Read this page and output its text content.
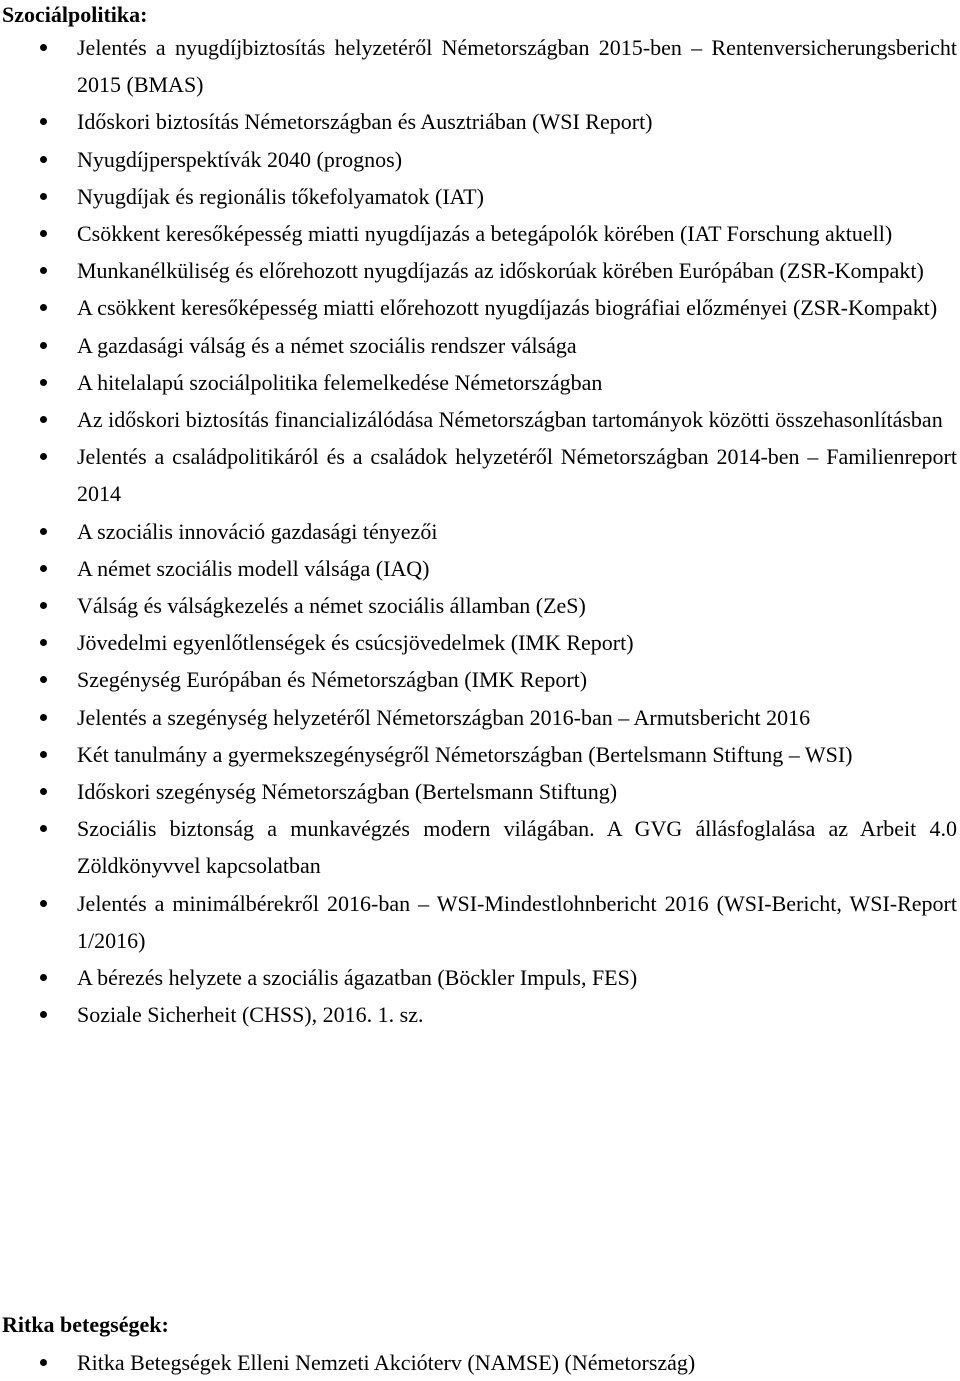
Szociálpolitika:
Jelentés a nyugdíjbiztosítás helyzetéről Németországban 2015-ben – Rentenversicherungsbericht 2015 (BMAS)
Időskori biztosítás Németországban és Ausztriában (WSI Report)
Nyugdíjperspektívák 2040 (prognos)
Nyugdíjak és regionális tőkefolyamatok (IAT)
Csökkent keresőképesség miatti nyugdíjazás a betegápolók körében (IAT Forschung aktuell)
Munkanélküliség és előrehozott nyugdíjazás az időskorúak körében Európában (ZSR-Kompakt)
A csökkent keresőképesség miatti előrehozott nyugdíjazás biográfiai előzményei (ZSR-Kompakt)
A gazdasági válság és a német szociális rendszer válsága
A hitelalapú szociálpolitika felemelkedése Németországban
Az időskori biztosítás financializálódása Németországban tartományok közötti összehasonlításban
Jelentés a családpolitikáról és a családok helyzetéről Németországban 2014-ben – Familienreport 2014
A szociális innováció gazdasági tényezői
A német szociális modell válsága (IAQ)
Válság és válságkezelés a német szociális államban (ZeS)
Jövedelmi egyenlőtlenségek és csúcsjövedelmek (IMK Report)
Szegénység Európában és Németországban (IMK Report)
Jelentés a szegénység helyzetéről Németországban 2016-ban – Armutsbericht 2016
Két tanulmány a gyermekszegénységről Németországban (Bertelsmann Stiftung – WSI)
Időskori szegénység Németországban (Bertelsmann Stiftung)
Szociális biztonság a munkavégzés modern világában. A GVG állásfoglalása az Arbeit 4.0 Zöldkönyvvel kapcsolatban
Jelentés a minimálbérekről 2016-ban – WSI-Mindestlohnbericht 2016 (WSI-Bericht, WSI-Report 1/2016)
A bérezés helyzete a szociális ágazatban (Böckler Impuls, FES)
Soziale Sicherheit (CHSS), 2016. 1. sz.
Ritka betegségek:
Ritka Betegségek Elleni Nemzeti Akcióterv (NAMSE) (Németország)
